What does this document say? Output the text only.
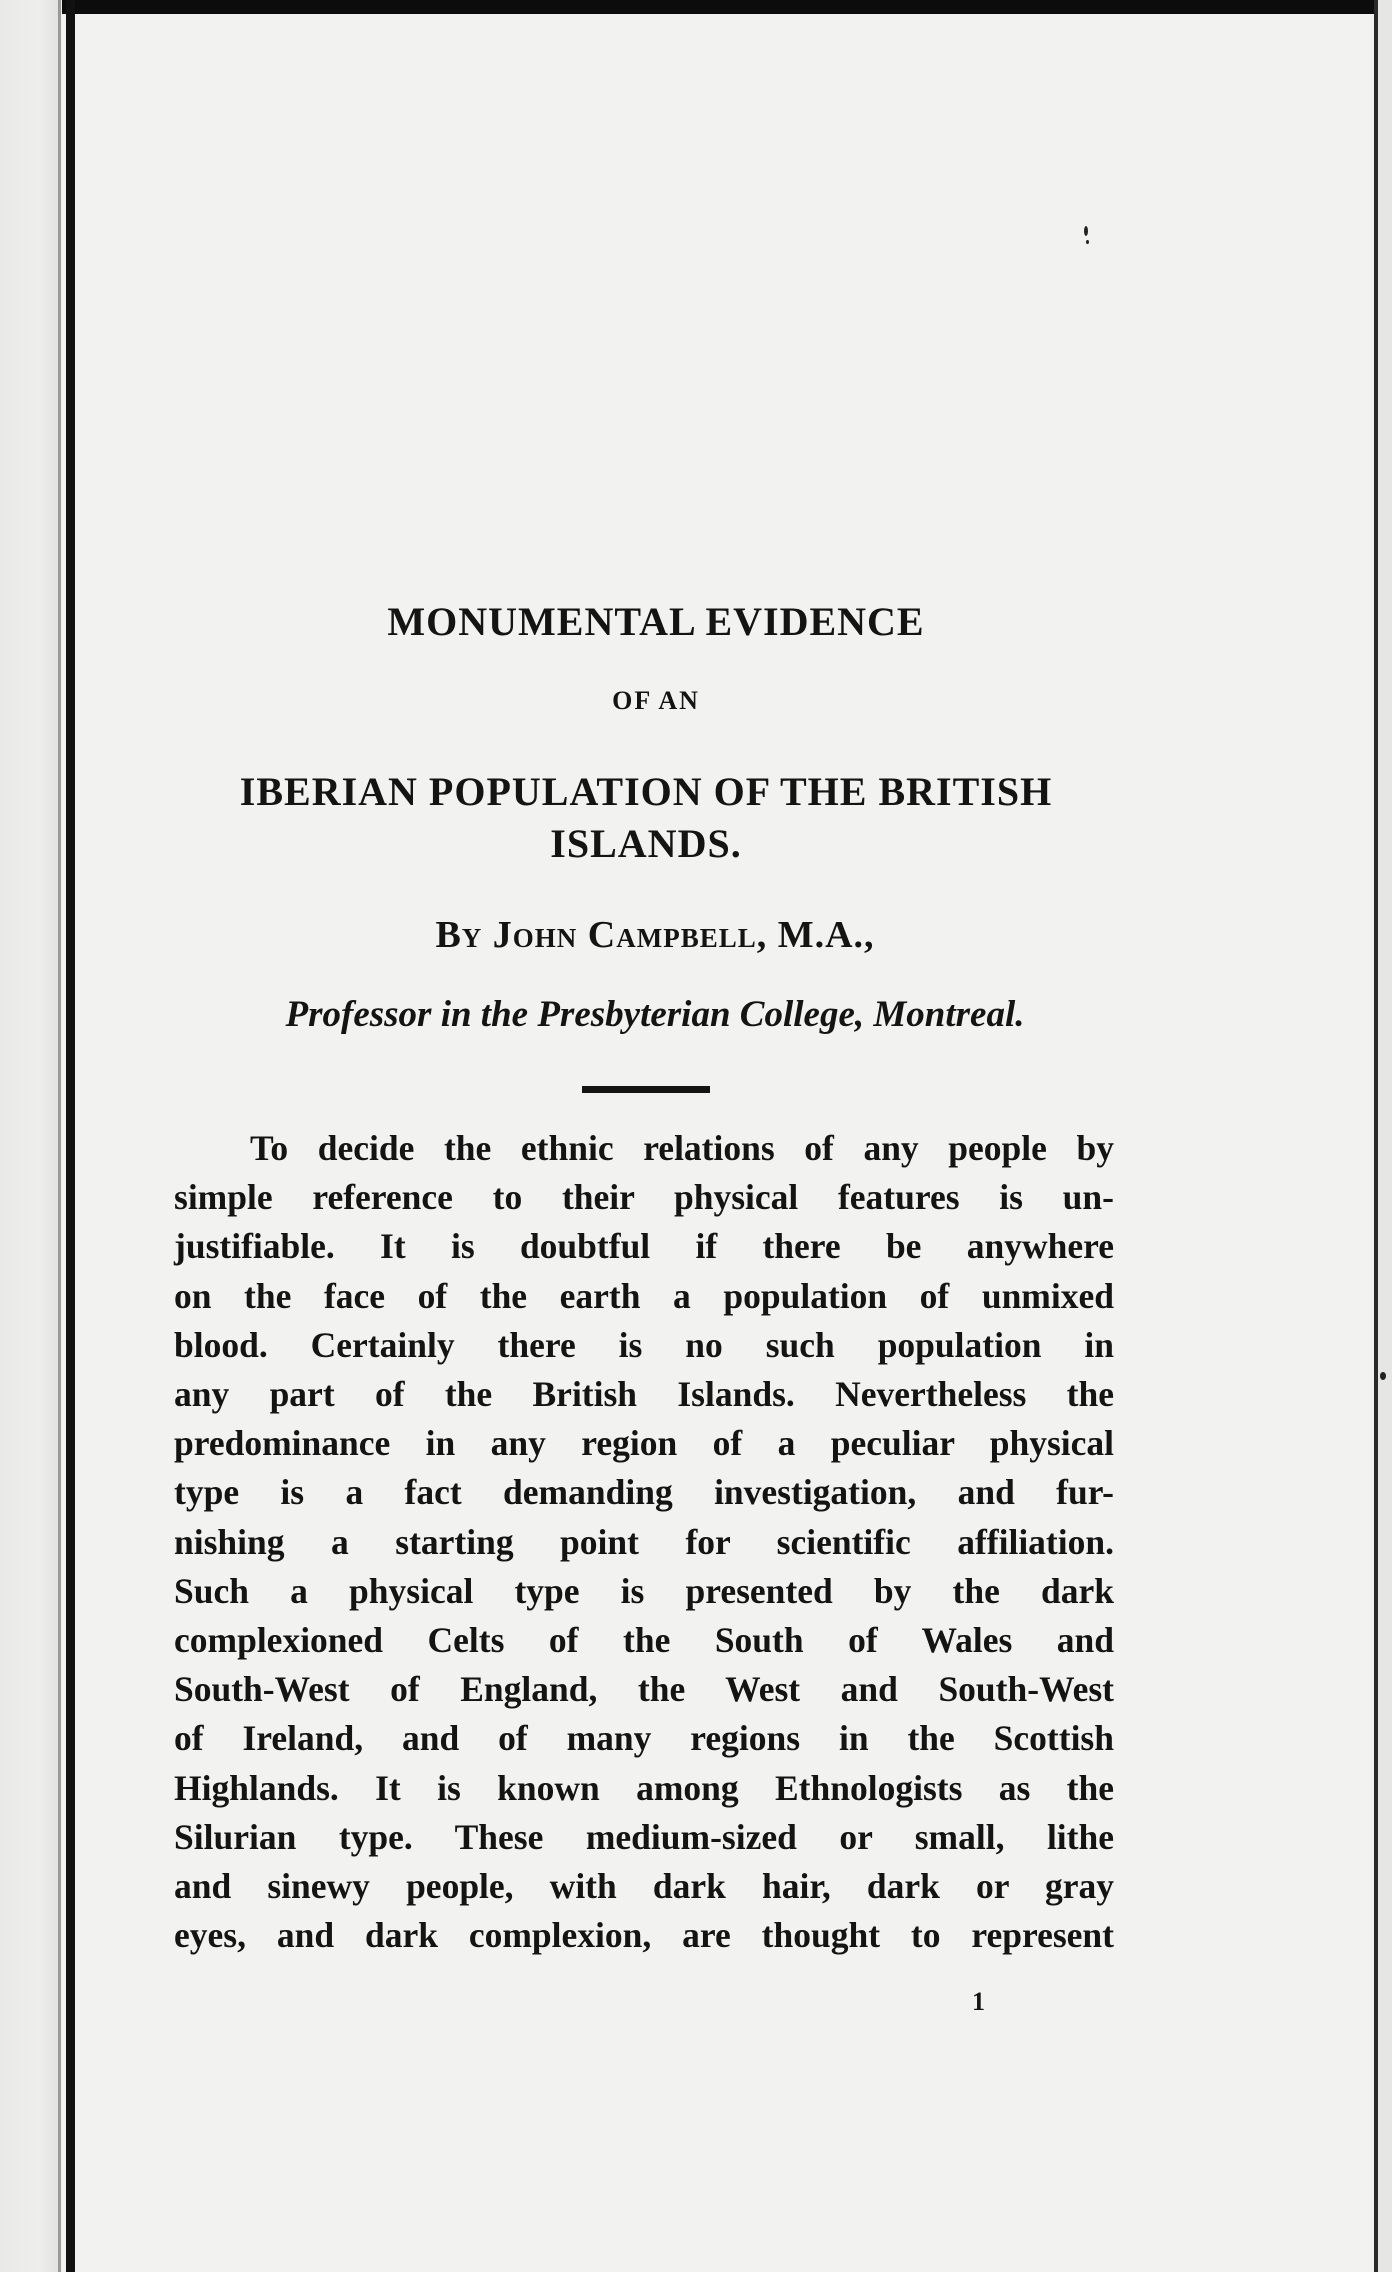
MONUMENTAL EVIDENCE
OF AN
IBERIAN POPULATION OF THE BRITISH ISLANDS.
By John Campbell, M.A.,
Professor in the Presbyterian College, Montreal.
To decide the ethnic relations of any people by
simple reference to their physical features is un-
justifiable. It is doubtful if there be anywhere
on the face of the earth a population of unmixed
blood. Certainly there is no such population in
any part of the British Islands. Nevertheless the
predominance in any region of a peculiar physical
type is a fact demanding investigation, and fur-
nishing a starting point for scientific affiliation.
Such a physical type is presented by the dark
complexioned Celts of the South of Wales and
South-West of England, the West and South-West
of Ireland, and of many regions in the Scottish
Highlands. It is known among Ethnologists as the
Silurian type. These medium-sized or small, lithe
and sinewy people, with dark hair, dark or gray
eyes, and dark complexion, are thought to represent
1
